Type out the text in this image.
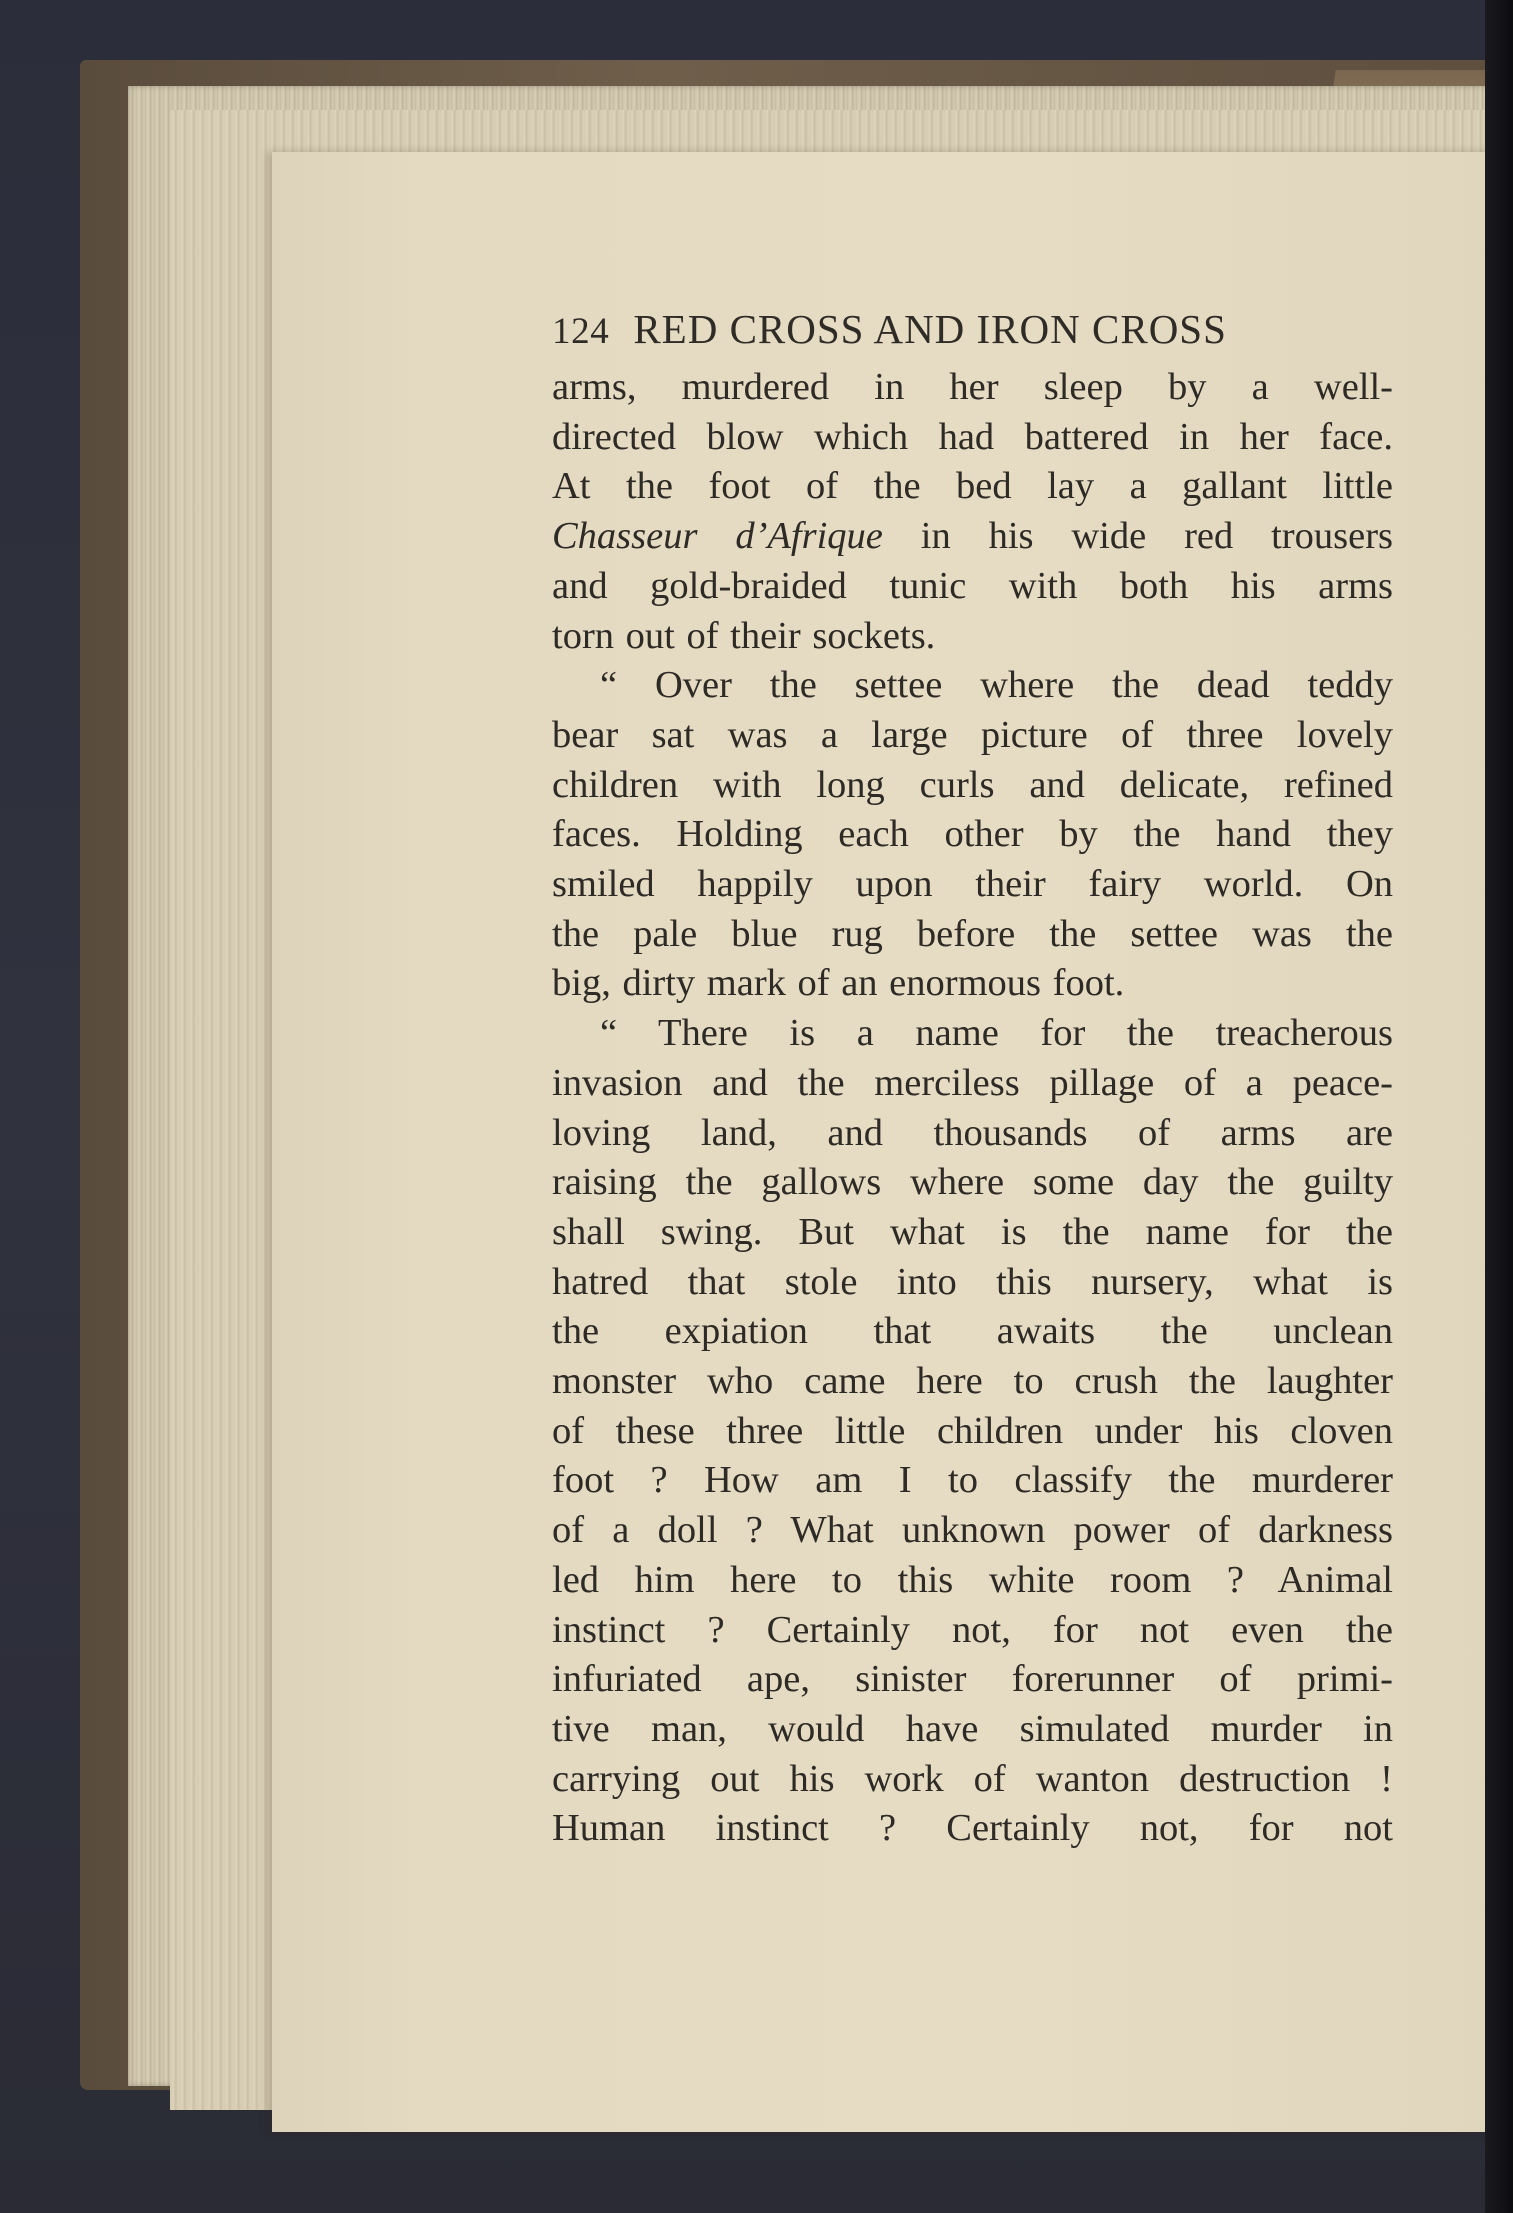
124 RED CROSS AND IRON CROSS
arms, murdered in her sleep by a well-
directed blow which had battered in her face.
At the foot of the bed lay a gallant little
Chasseur d’Afrique in his wide red trousers
and gold-braided tunic with both his arms
torn out of their sockets.
“ Over the settee where the dead teddy
bear sat was a large picture of three lovely
children with long curls and delicate, refined
faces. Holding each other by the hand they
smiled happily upon their fairy world. On
the pale blue rug before the settee was the
big, dirty mark of an enormous foot.
“ There is a name for the treacherous
invasion and the merciless pillage of a peace-
loving land, and thousands of arms are
raising the gallows where some day the guilty
shall swing. But what is the name for the
hatred that stole into this nursery, what is
the expiation that awaits the unclean
monster who came here to crush the laughter
of these three little children under his cloven
foot ? How am I to classify the murderer
of a doll ? What unknown power of darkness
led him here to this white room ? Animal
instinct ? Certainly not, for not even the
infuriated ape, sinister forerunner of primi-
tive man, would have simulated murder in
carrying out his work of wanton destruction !
Human instinct ? Certainly not, for not
